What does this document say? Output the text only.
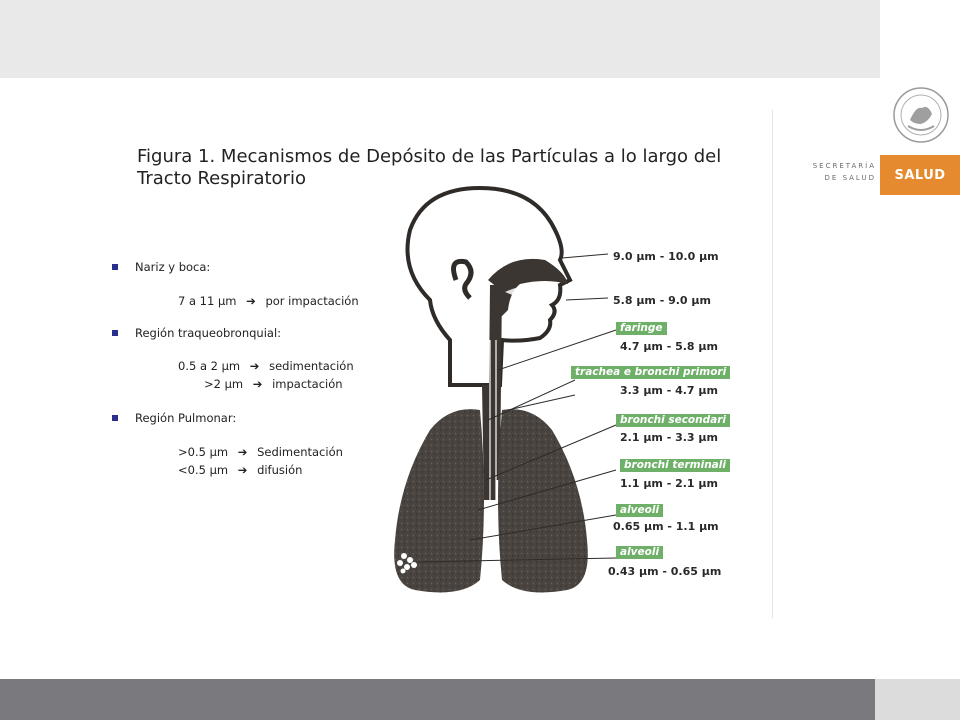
SECRETARÍA
DE SALUD	SALUD
Figura 1. Mecanismos de Depósito de las Partículas a lo largo del
Tracto Respiratorio
Nariz y boca:
7 a 11 μm ➔ por impactación
Región traqueobronquial:
0.5 a 2 μm ➔ sedimentación
>2 μm ➔ impactación
Región Pulmonar:
>0.5 μm ➔ Sedimentación
<0.5 μm ➔ difusión
9.0 μm - 10.0 μm
5.8 μm - 9.0 μm
faringe
4.7 μm - 5.8 μm
trachea e bronchi primori
3.3 μm - 4.7 μm
bronchi secondari
2.1 μm - 3.3 μm
bronchi terminali
1.1 μm - 2.1 μm
alveoli
0.65 μm - 1.1 μm
alveoli
0.43 μm - 0.65 μm
